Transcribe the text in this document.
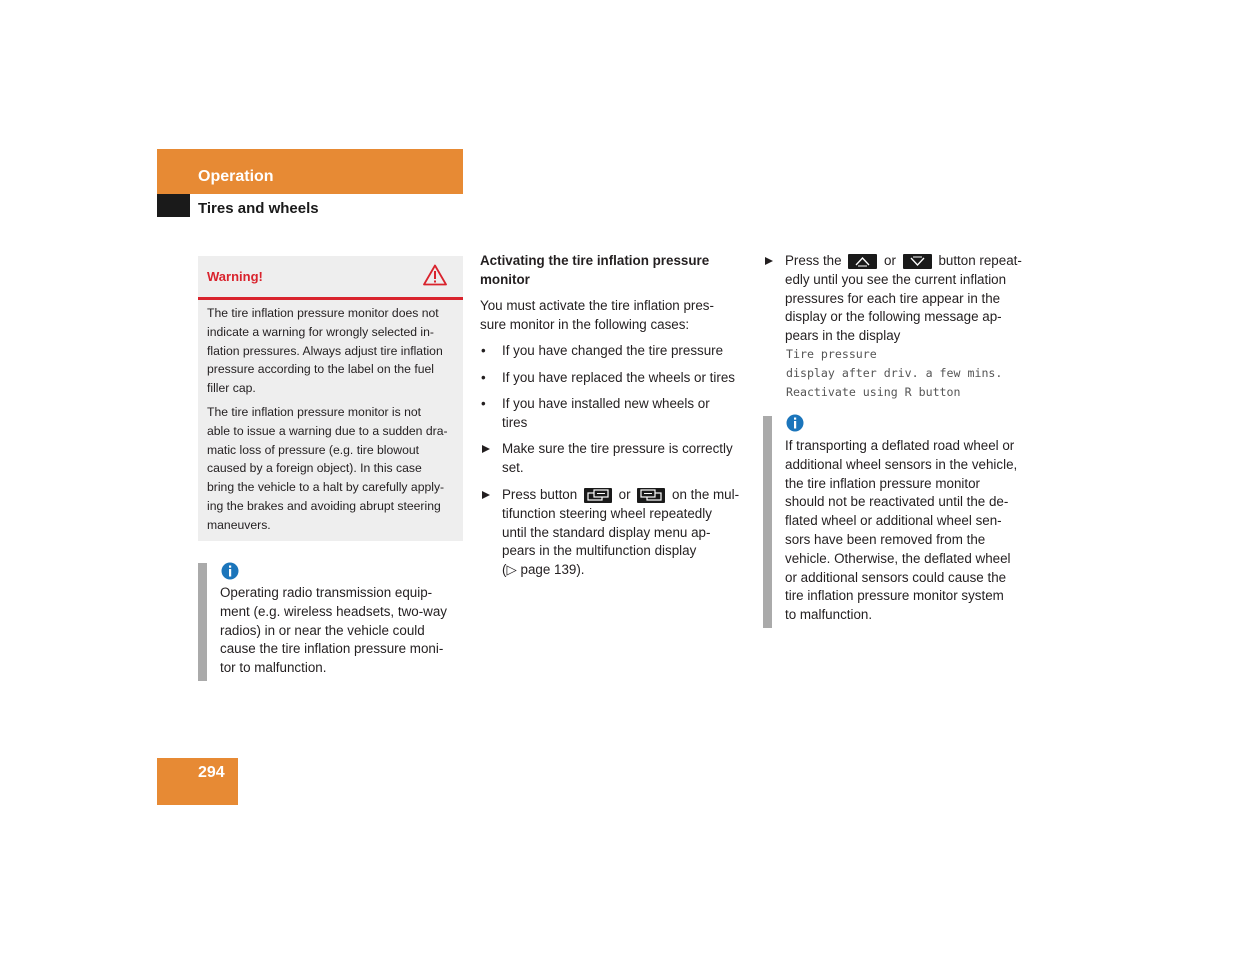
Operation
Tires and wheels
Warning!
The tire inflation pressure monitor does not
indicate a warning for wrongly selected in-
flation pressures. Always adjust tire inflation
pressure according to the label on the fuel
filler cap.
The tire inflation pressure monitor is not
able to issue a warning due to a sudden dra-
matic loss of pressure (e.g. tire blowout
caused by a foreign object). In this case
bring the vehicle to a halt by carefully apply-
ing the brakes and avoiding abrupt steering
maneuvers.
Operating radio transmission equip-
ment (e.g. wireless headsets, two-way
radios) in or near the vehicle could
cause the tire inflation pressure moni-
tor to malfunction.
Activating the tire inflation pressure
monitor
You must activate the tire inflation pres-
sure monitor in the following cases:
• If you have changed the tire pressure
• If you have replaced the wheels or tires
• If you have installed new wheels or
tires
Make sure the tire pressure is correctly
set.
Press button	or	on the mul-
tifunction steering wheel repeatedly
until the standard display menu ap-
pears in the multifunction display
(▷ page 139).
Press the	or	button repeat-
edly until you see the current inflation
pressures for each tire appear in the
display or the following message ap-
pears in the display
Tire pressure
display after driv. a few mins.
Reactivate using R button
If transporting a deflated road wheel or
additional wheel sensors in the vehicle,
the tire inflation pressure monitor
should not be reactivated until the de-
flated wheel or additional wheel sen-
sors have been removed from the
vehicle. Otherwise, the deflated wheel
or additional sensors could cause the
tire inflation pressure monitor system
to malfunction.
294
